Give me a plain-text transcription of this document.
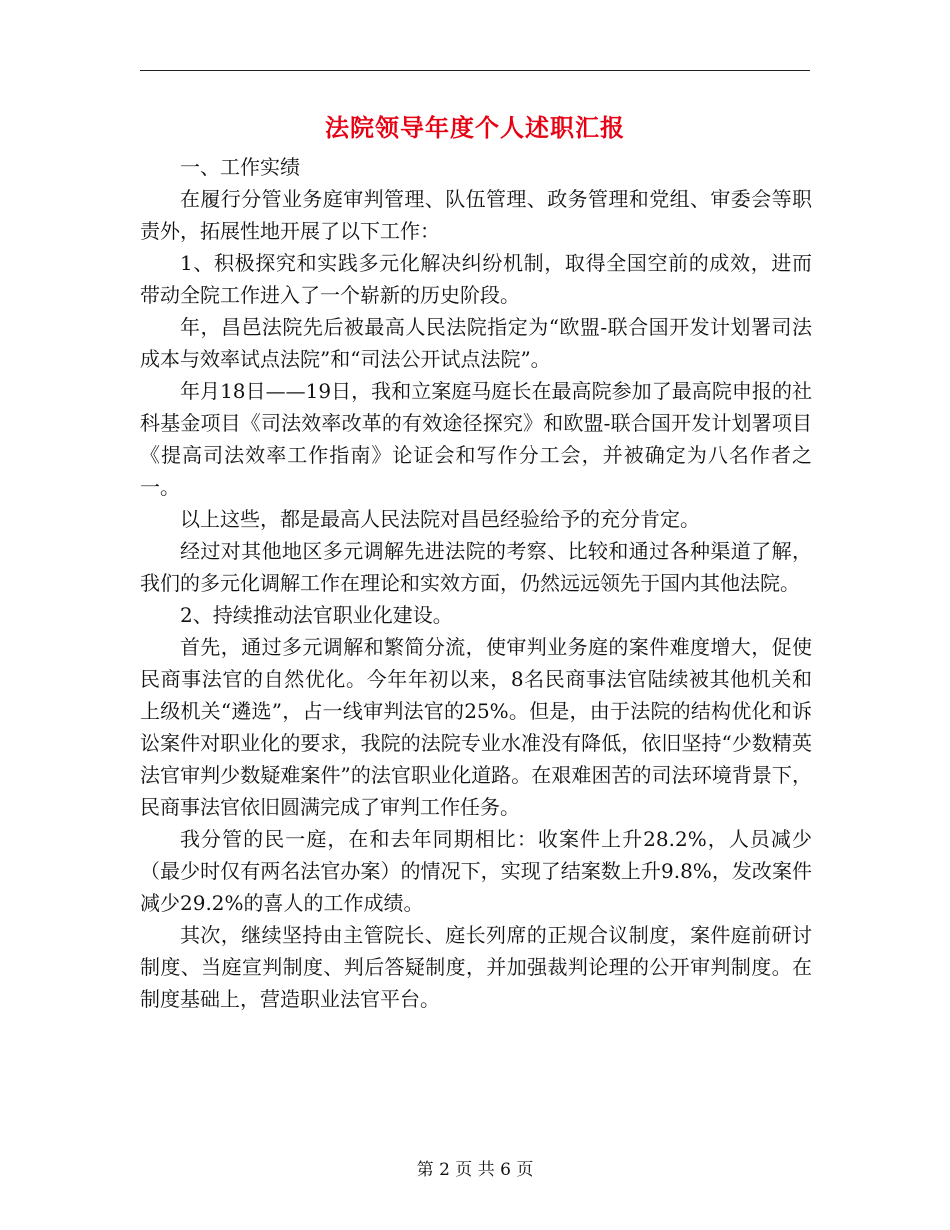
法院领导年度个人述职汇报

一、工作实绩

在履行分管业务庭审判管理、队伍管理、政务管理和党组、审委会等职责外，拓展性地开展了以下工作：

1、积极探究和实践多元化解决纠纷机制，取得全国空前的成效，进而带动全院工作进入了一个崭新的历史阶段。

年，昌邑法院先后被最高人民法院指定为“欧盟-联合国开发计划署司法成本与效率试点法院”和“司法公开试点法院”。

年月18日——19日，我和立案庭马庭长在最高院参加了最高院申报的社科基金项目《司法效率改革的有效途径探究》和欧盟-联合国开发计划署项目《提高司法效率工作指南》论证会和写作分工会，并被确定为八名作者之一。

以上这些，都是最高人民法院对昌邑经验给予的充分肯定。

经过对其他地区多元调解先进法院的考察、比较和通过各种渠道了解，我们的多元化调解工作在理论和实效方面，仍然远远领先于国内其他法院。

2、持续推动法官职业化建设。

首先，通过多元调解和繁简分流，使审判业务庭的案件难度增大，促使民商事法官的自然优化。今年年初以来，8名民商事法官陆续被其他机关和上级机关“遴选”，占一线审判法官的25%。但是，由于法院的结构优化和诉讼案件对职业化的要求，我院的法院专业水准没有降低，依旧坚持“少数精英法官审判少数疑难案件”的法官职业化道路。在艰难困苦的司法环境背景下，民商事法官依旧圆满完成了审判工作任务。

我分管的民一庭，在和去年同期相比：收案件上升28.2%，人员减少（最少时仅有两名法官办案）的情况下，实现了结案数上升9.8%，发改案件减少29.2%的喜人的工作成绩。

其次，继续坚持由主管院长、庭长列席的正规合议制度，案件庭前研讨制度、当庭宣判制度、判后答疑制度，并加强裁判论理的公开审判制度。在制度基础上，营造职业法官平台。

第 2 页 共 6 页
